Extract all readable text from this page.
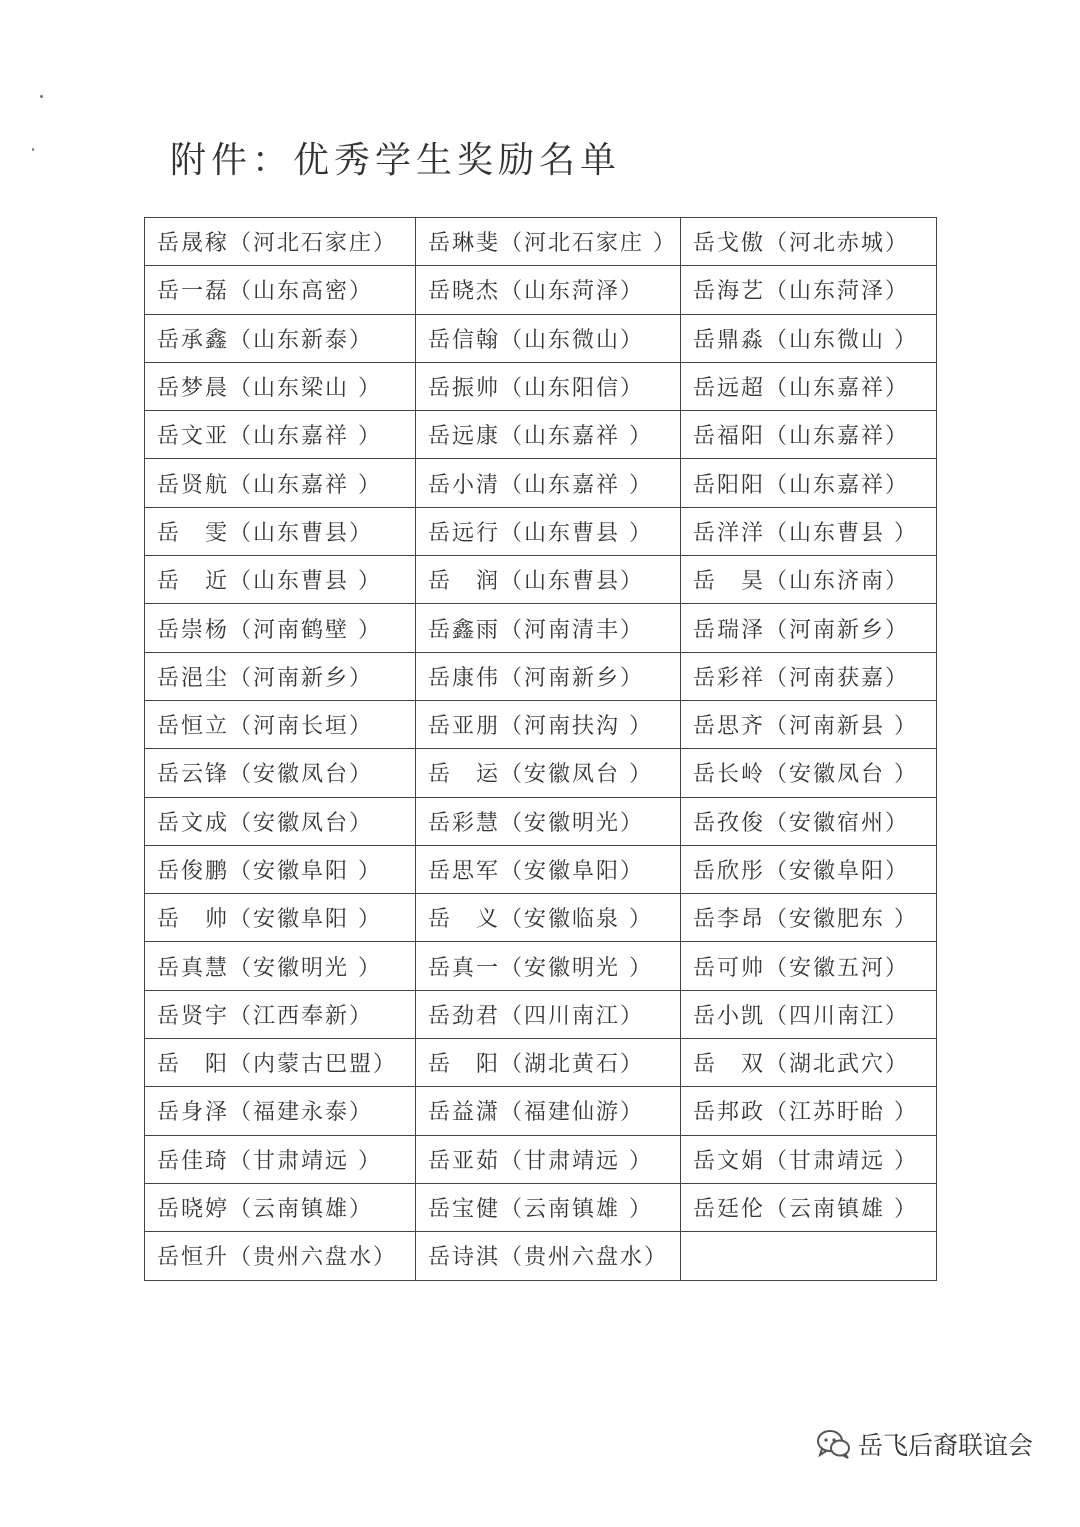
附件：优秀学生奖励名单
岳晟稼（河北石家庄）	岳琳斐（河北石家庄 ）	岳戈傲（河北赤城）
岳一磊（山东高密）	岳晓杰（山东菏泽）	岳海艺（山东菏泽）
岳承鑫（山东新泰）	岳信翰（山东微山）	岳鼎淼（山东微山 ）
岳梦晨（山东梁山 ）	岳振帅（山东阳信）	岳远超（山东嘉祥）
岳文亚（山东嘉祥 ）	岳远康（山东嘉祥 ）	岳福阳（山东嘉祥）
岳贤航（山东嘉祥 ）	岳小清（山东嘉祥 ）	岳阳阳（山东嘉祥）
岳　雯（山东曹县）	岳远行（山东曹县 ）	岳洋洋（山东曹县 ）
岳　近（山东曹县 ）	岳　润（山东曹县）	岳　昊（山东济南）
岳崇杨（河南鹤壁 ）	岳鑫雨（河南清丰）	岳瑞泽（河南新乡）
岳浥尘（河南新乡）	岳康伟（河南新乡）	岳彩祥（河南获嘉）
岳恒立（河南长垣）	岳亚朋（河南扶沟 ）	岳思齐（河南新县 ）
岳云锋（安徽凤台）	岳　运（安徽凤台 ）	岳长岭（安徽凤台 ）
岳文成（安徽凤台）	岳彩慧（安徽明光）	岳孜俊（安徽宿州）
岳俊鹏（安徽阜阳 ）	岳思军（安徽阜阳）	岳欣彤（安徽阜阳）
岳　帅（安徽阜阳 ）	岳　义（安徽临泉 ）	岳李昂（安徽肥东 ）
岳真慧（安徽明光 ）	岳真一（安徽明光 ）	岳可帅（安徽五河）
岳贤宇（江西奉新）	岳劲君（四川南江）	岳小凯（四川南江）
岳　阳（内蒙古巴盟）	岳　阳（湖北黄石）	岳　双（湖北武穴）
岳身泽（福建永泰）	岳益潇（福建仙游）	岳邦政（江苏盱眙 ）
岳佳琦（甘肃靖远 ）	岳亚茹（甘肃靖远 ）	岳文娟（甘肃靖远 ）
岳晓婷（云南镇雄）	岳宝健（云南镇雄 ）	岳廷伦（云南镇雄 ）
岳恒升（贵州六盘水）	岳诗淇（贵州六盘水）	
岳飞后裔联谊会
